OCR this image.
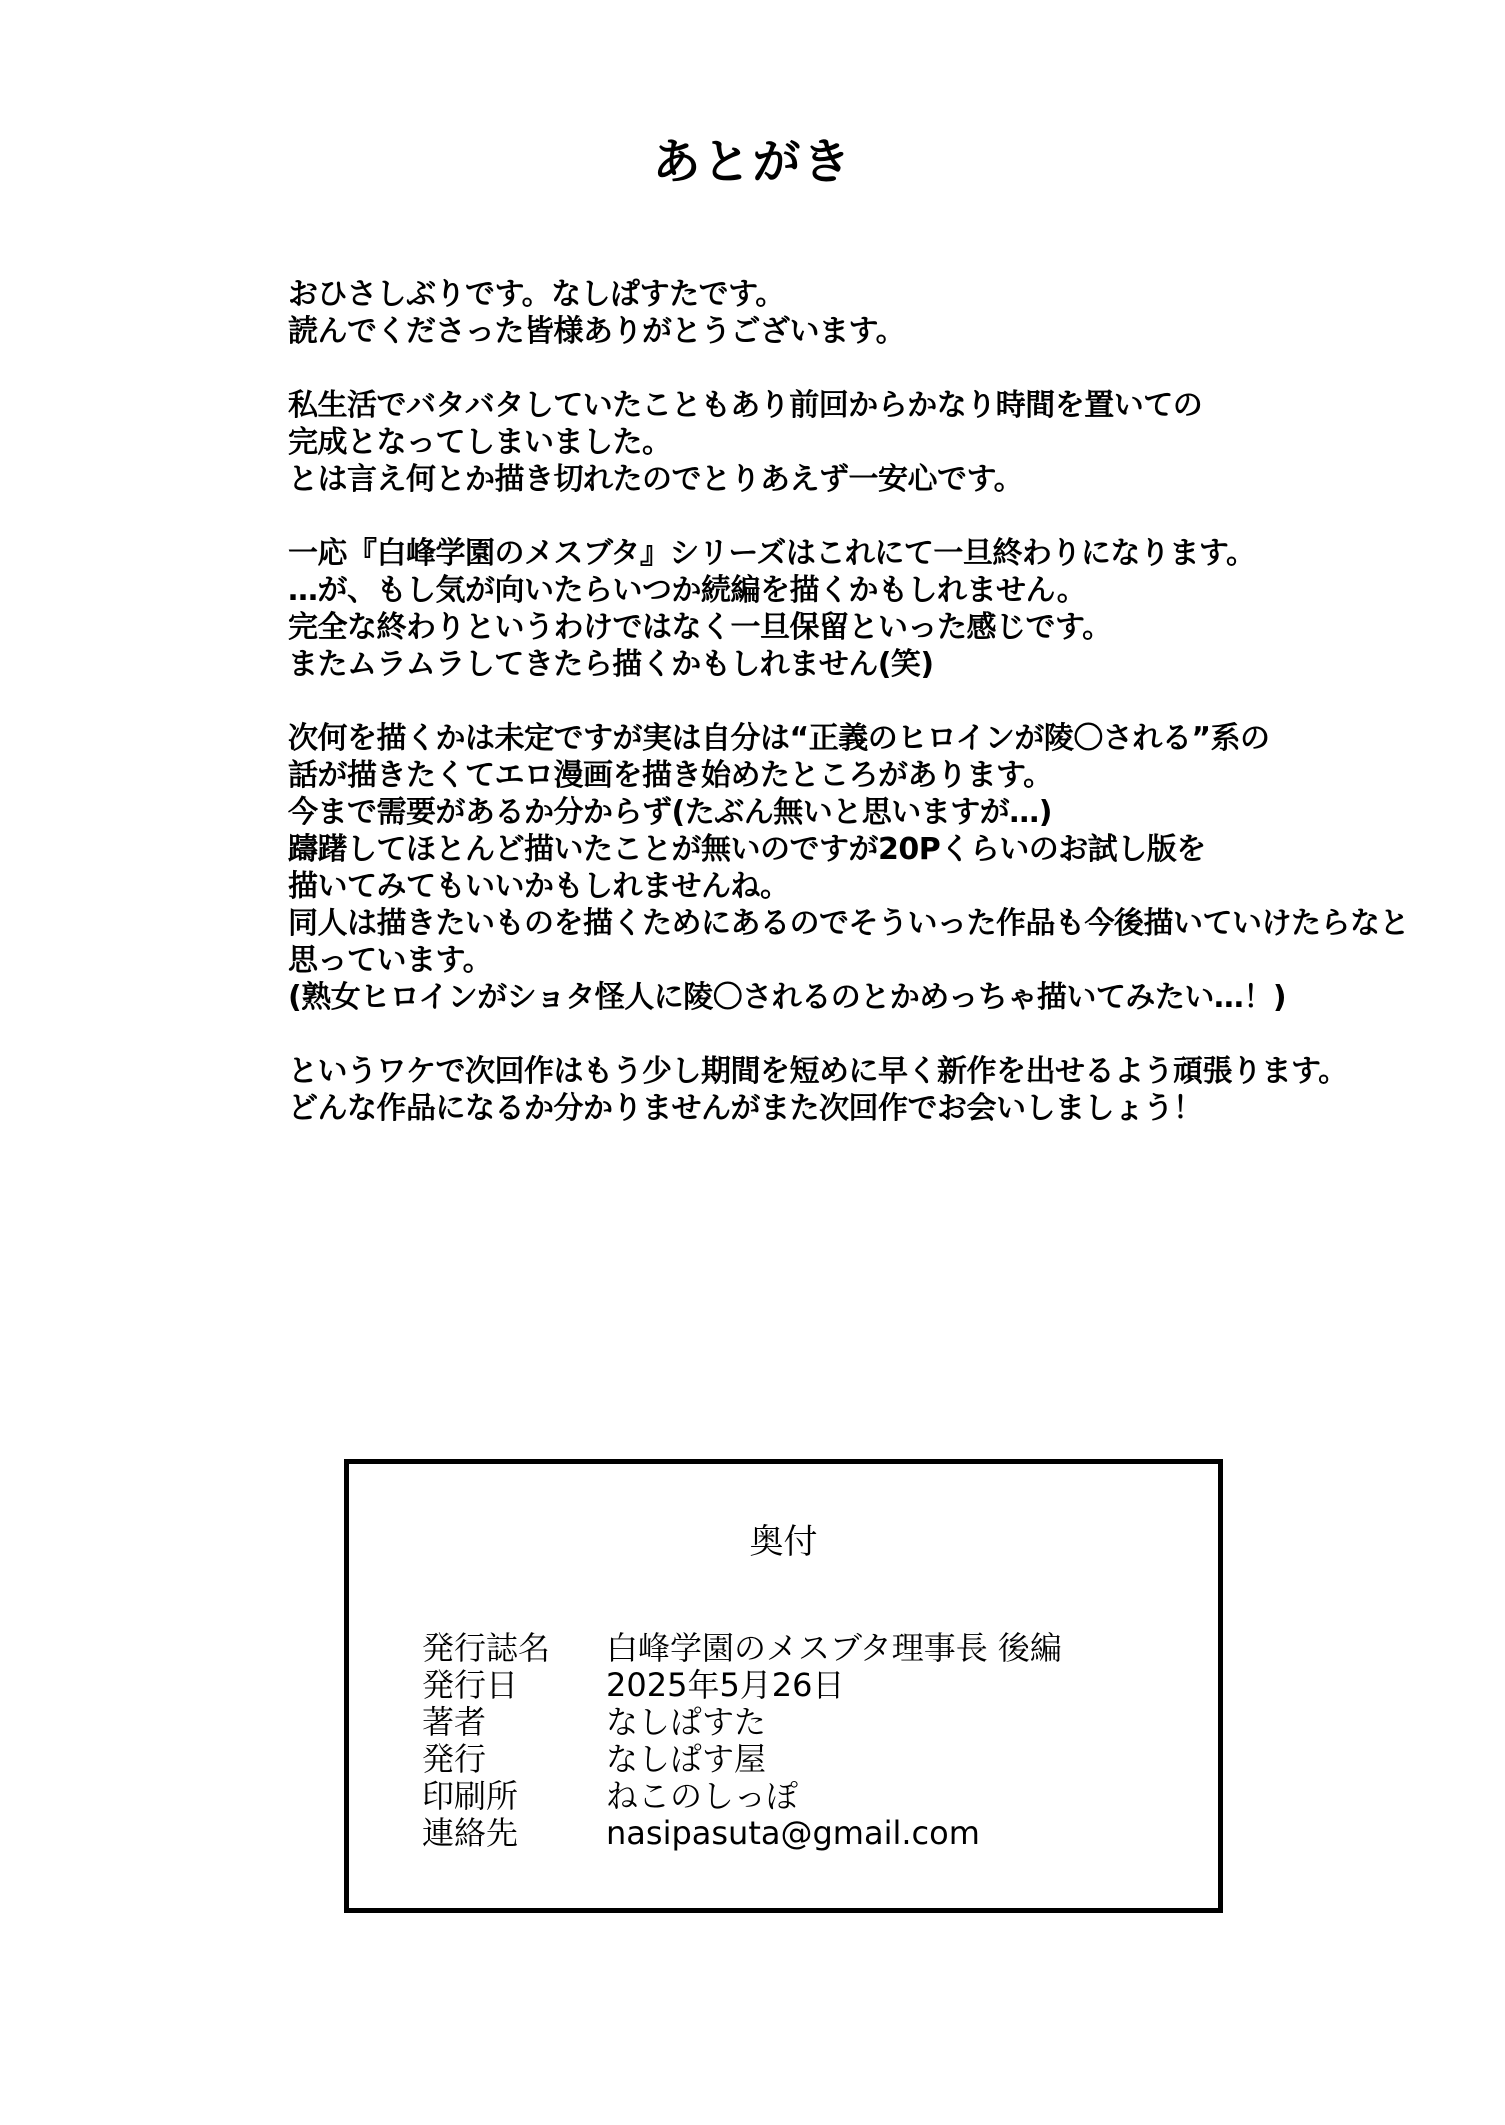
あとがき
おひさしぶりです。なしぱすたです。
読んでくださった皆様ありがとうございます。
私生活でバタバタしていたこともあり前回からかなり時間を置いての
完成となってしまいました。
とは言え何とか描き切れたのでとりあえず一安心です。
一応『白峰学園のメスブタ』シリーズはこれにて一旦終わりになります。
…が、もし気が向いたらいつか続編を描くかもしれません。
完全な終わりというわけではなく一旦保留といった感じです。
またムラムラしてきたら描くかもしれません(笑)
次何を描くかは未定ですが実は自分は“正義のヒロインが陵〇される”系の
話が描きたくてエロ漫画を描き始めたところがあります。
今まで需要があるか分からず(たぶん無いと思いますが…)
躊躇してほとんど描いたことが無いのですが20Pくらいのお試し版を
描いてみてもいいかもしれませんね。
同人は描きたいものを描くためにあるのでそういった作品も今後描いていけたらなと
思っています。
(熟女ヒロインがショタ怪人に陵〇されるのとかめっちゃ描いてみたい…！)
というワケで次回作はもう少し期間を短めに早く新作を出せるよう頑張ります。
どんな作品になるか分かりませんがまた次回作でお会いしましょう！
奥付
発行誌名	白峰学園のメスブタ理事長 後編
発行日	2025年5月26日
著者	なしぱすた
発行	なしぱす屋
印刷所	ねこのしっぽ
連絡先	nasipasuta@gmail.com
